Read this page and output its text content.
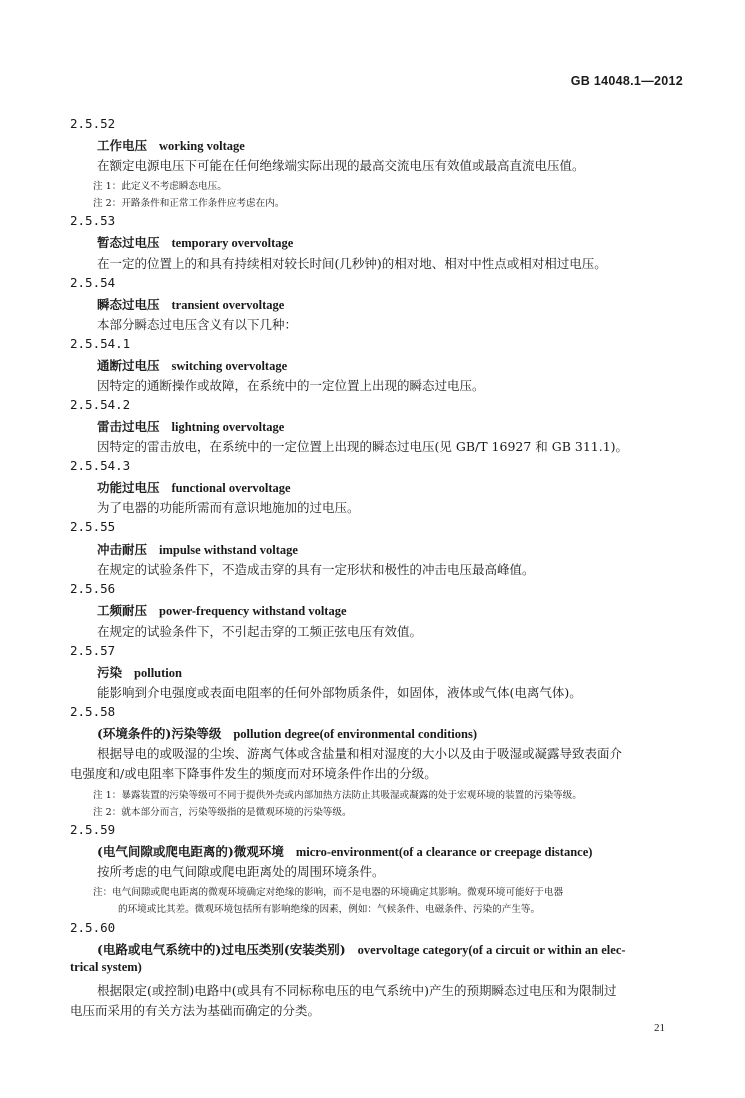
GB 14048.1—2012
2.5.52
工作电压 working voltage
在额定电源电压下可能在任何绝缘端实际出现的最高交流电压有效值或最高直流电压值。
注 1：此定义不考虑瞬态电压。
注 2：开路条件和正常工作条件应考虑在内。
2.5.53
暂态过电压 temporary overvoltage
在一定的位置上的和具有持续相对较长时间(几秒钟)的相对地、相对中性点或相对相过电压。
2.5.54
瞬态过电压 transient overvoltage
本部分瞬态过电压含义有以下几种：
2.5.54.1
通断过电压 switching overvoltage
因特定的通断操作或故障，在系统中的一定位置上出现的瞬态过电压。
2.5.54.2
雷击过电压 lightning overvoltage
因特定的雷击放电，在系统中的一定位置上出现的瞬态过电压(见 GB/T 16927 和 GB 311.1)。
2.5.54.3
功能过电压 functional overvoltage
为了电器的功能所需而有意识地施加的过电压。
2.5.55
冲击耐压 impulse withstand voltage
在规定的试验条件下，不造成击穿的具有一定形状和极性的冲击电压最高峰值。
2.5.56
工频耐压 power-frequency withstand voltage
在规定的试验条件下，不引起击穿的工频正弦电压有效值。
2.5.57
污染 pollution
能影响到介电强度或表面电阻率的任何外部物质条件，如固体，液体或气体(电离气体)。
2.5.58
(环境条件的)污染等级 pollution degree(of environmental conditions)
根据导电的或吸湿的尘埃、游离气体或含盐量和相对湿度的大小以及由于吸湿或凝露导致表面介
电强度和/或电阻率下降事件发生的频度而对环境条件作出的分级。
注 1：暴露装置的污染等级可不同于提供外壳或内部加热方法防止其吸湿或凝露的处于宏观环境的装置的污染等级。
注 2：就本部分而言，污染等级指的是微观环境的污染等级。
2.5.59
(电气间隙或爬电距离的)微观环境 micro-environment(of a clearance or creepage distance)
按所考虑的电气间隙或爬电距离处的周围环境条件。
注：电气间隙或爬电距离的微观环境确定对绝缘的影响，而不是电器的环境确定其影响。微观环境可能好于电器
的环境或比其差。微观环境包括所有影响绝缘的因素，例如：气候条件、电磁条件、污染的产生等。
2.5.60
(电路或电气系统中的)过电压类别(安装类别) overvoltage category(of a circuit or within an elec-
trical system)
根据限定(或控制)电路中(或具有不同标称电压的电气系统中)产生的预期瞬态过电压和为限制过
电压而采用的有关方法为基础而确定的分类。
21
